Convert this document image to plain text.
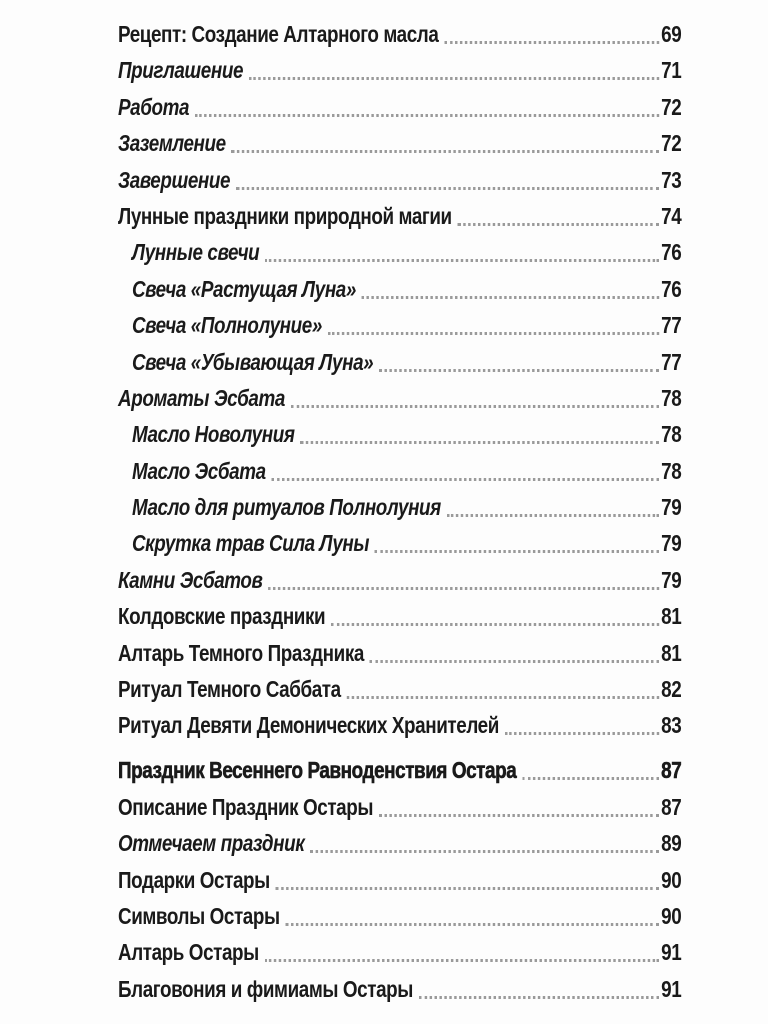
Рецепт: Создание Алтарного масла	69
Приглашение	71
Работа	72
Заземление	72
Завершение	73
Лунные праздники природной магии	74
Лунные свечи	76
Свеча «Растущая Луна»	76
Свеча «Полнолуние»	77
Свеча «Убывающая Луна»	77
Ароматы Эсбата	78
Масло Новолуния	78
Масло Эсбата	78
Масло для ритуалов Полнолуния	79
Скрутка трав Сила Луны	79
Камни Эсбатов	79
Колдовские праздники	81
Алтарь Темного Праздника	81
Ритуал Темного Саббата	82
Ритуал Девяти Демонических Хранителей	83
Праздник Весеннего Равноденствия Остара	87
Описание Праздник Остары	87
Отмечаем праздник	89
Подарки Остары	90
Символы Остары	90
Алтарь Остары	91
Благовония и фимиамы Остары	91
